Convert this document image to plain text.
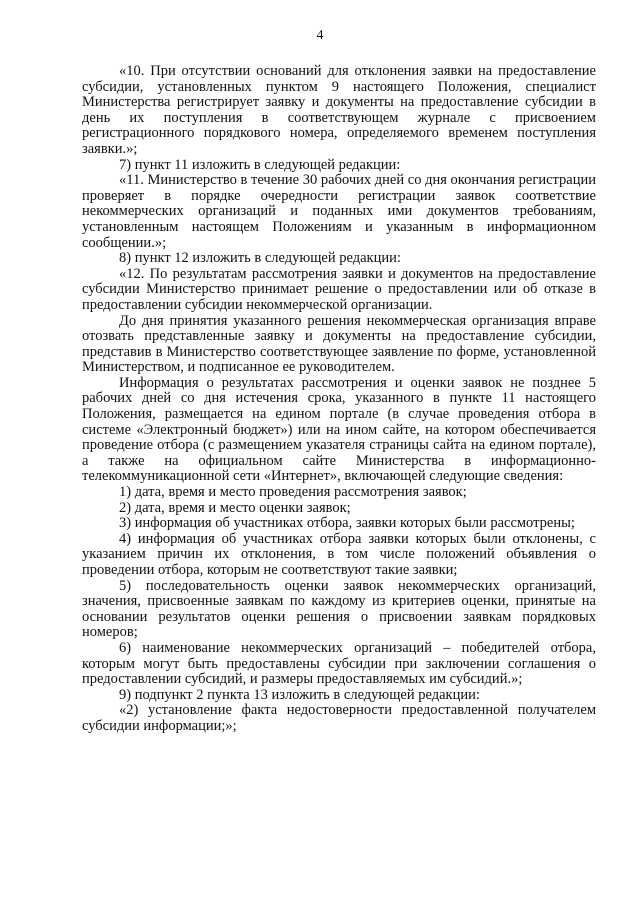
4

«10. При отсутствии оснований для отклонения заявки на предоставление субсидии, установленных пунктом 9 настоящего Положения, специалист Министерства регистрирует заявку и документы на предоставление субсидии в день их поступления в соответствующем журнале с присвоением регистрационного порядкового номера, определяемого временем поступления заявки.»;

7) пункт 11 изложить в следующей редакции:

«11. Министерство в течение 30 рабочих дней со дня окончания регистрации проверяет в порядке очередности регистрации заявок соответствие некоммерческих организаций и поданных ими документов требованиям, установленным настоящем Положениям и указанным в информационном сообщении.»;

8) пункт 12 изложить в следующей редакции:

«12. По результатам рассмотрения заявки и документов на предоставление субсидии Министерство принимает решение о предоставлении или об отказе в предоставлении субсидии некоммерческой организации.

До дня принятия указанного решения некоммерческая организация вправе отозвать представленные заявку и документы на предоставление субсидии, представив в Министерство соответствующее заявление по форме, установленной Министерством, и подписанное ее руководителем.

Информация о результатах рассмотрения и оценки заявок не позднее 5 рабочих дней со дня истечения срока, указанного в пункте 11 настоящего Положения, размещается на едином портале (в случае проведения отбора в системе «Электронный бюджет») или на ином сайте, на котором обеспечивается проведение отбора (с размещением указателя страницы сайта на едином портале), а также на официальном сайте Министерства в информационно-телекоммуникационной сети «Интернет», включающей следующие сведения:

1) дата, время и место проведения рассмотрения заявок;

2) дата, время и место оценки заявок;

3) информация об участниках отбора, заявки которых были рассмотрены;

4) информация об участниках отбора заявки которых были отклонены, с указанием причин их отклонения, в том числе положений объявления о проведении отбора, которым не соответствуют такие заявки;

5) последовательность оценки заявок некоммерческих организаций, значения, присвоенные заявкам по каждому из критериев оценки, принятые на основании результатов оценки решения о присвоении заявкам порядковых номеров;

6) наименование некоммерческих организаций – победителей отбора, которым могут быть предоставлены субсидии при заключении соглашения о предоставлении субсидий, и размеры предоставляемых им субсидий.»;

9) подпункт 2 пункта 13 изложить в следующей редакции:

«2) установление факта недостоверности предоставленной получателем субсидии информации;»;
